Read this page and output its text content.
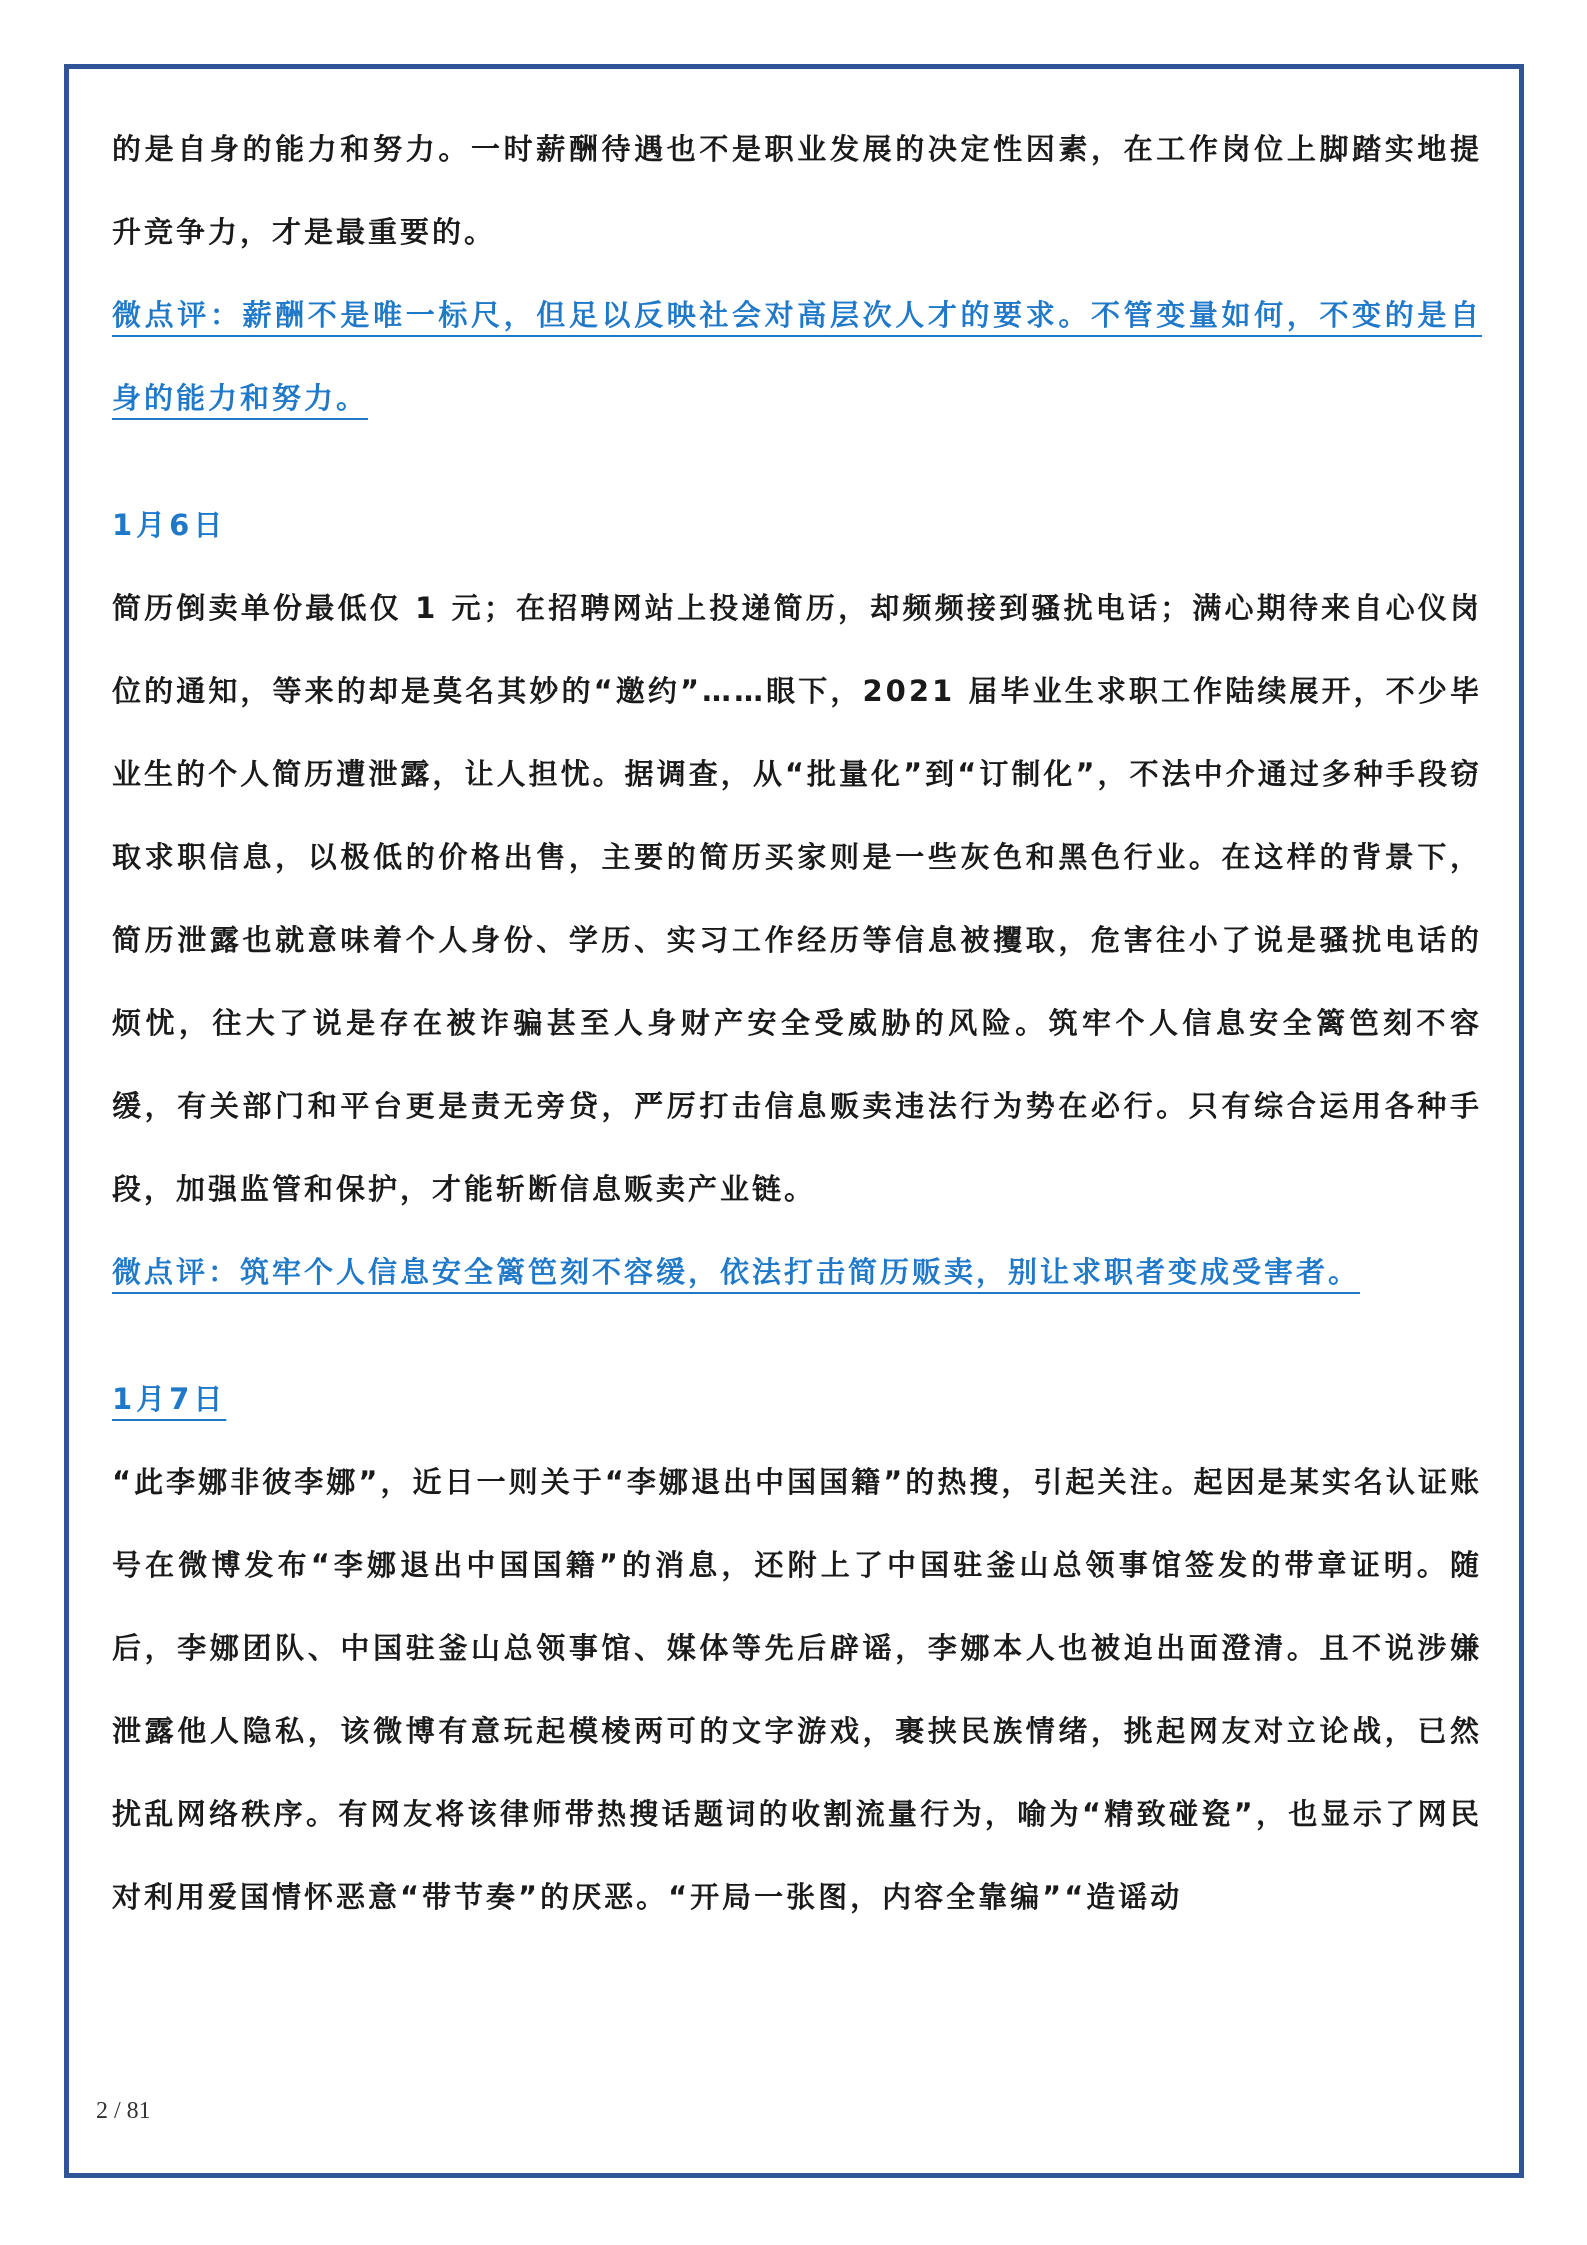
的是自身的能力和努力。一时薪酬待遇也不是职业发展的决定性因素，在工作岗位上脚踏实地提升竞争力，才是最重要的。

微点评：薪酬不是唯一标尺，但足以反映社会对高层次人才的要求。不管变量如何，不变的是自身的能力和努力。

1月6日

简历倒卖单份最低仅 1 元；在招聘网站上投递简历，却频频接到骚扰电话；满心期待来自心仪岗位的通知，等来的却是莫名其妙的“邀约”……眼下，2021 届毕业生求职工作陆续展开，不少毕业生的个人简历遭泄露，让人担忧。据调查，从“批量化”到“订制化”，不法中介通过多种手段窃取求职信息，以极低的价格出售，主要的简历买家则是一些灰色和黑色行业。在这样的背景下，简历泄露也就意味着个人身份、学历、实习工作经历等信息被攫取，危害往小了说是骚扰电话的烦忧，往大了说是存在被诈骗甚至人身财产安全受威胁的风险。筑牢个人信息安全篱笆刻不容缓，有关部门和平台更是责无旁贷，严厉打击信息贩卖违法行为势在必行。只有综合运用各种手段，加强监管和保护，才能斩断信息贩卖产业链。

微点评：筑牢个人信息安全篱笆刻不容缓，依法打击简历贩卖，别让求职者变成受害者。

1月7日

“此李娜非彼李娜”，近日一则关于“李娜退出中国国籍”的热搜，引起关注。起因是某实名认证账号在微博发布“李娜退出中国国籍”的消息，还附上了中国驻釜山总领事馆签发的带章证明。随后，李娜团队、中国驻釜山总领事馆、媒体等先后辟谣，李娜本人也被迫出面澄清。且不说涉嫌泄露他人隐私，该微博有意玩起模棱两可的文字游戏，裹挟民族情绪，挑起网友对立论战，已然扰乱网络秩序。有网友将该律师带热搜话题词的收割流量行为，喻为“精致碰瓷”，也显示了网民对利用爱国情怀恶意“带节奏”的厌恶。“开局一张图，内容全靠编”“造谣动

2 / 81
